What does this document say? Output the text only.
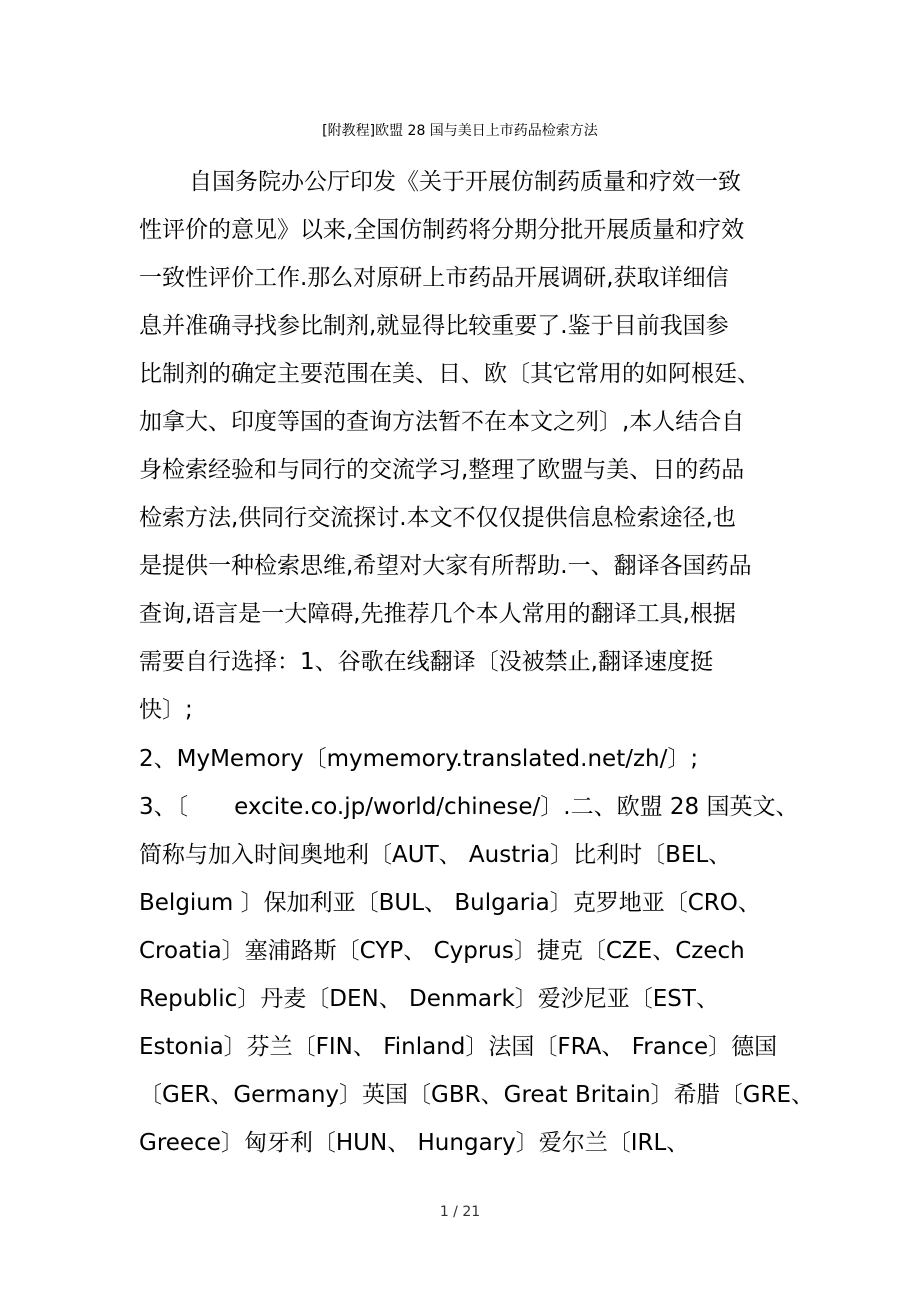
[附教程]欧盟 28 国与美日上市药品检索方法
自国务院办公厅印发《关于开展仿制药质量和疗效一致
性评价的意见》以来,全国仿制药将分期分批开展质量和疗效
一致性评价工作.那么对原研上市药品开展调研,获取详细信
息并准确寻找参比制剂,就显得比较重要了.鉴于目前我国参
比制剂的确定主要范围在美、日、欧〔其它常用的如阿根廷、
加拿大、印度等国的查询方法暂不在本文之列〕,本人结合自
身检索经验和与同行的交流学习,整理了欧盟与美、日的药品
检索方法,供同行交流探讨.本文不仅仅提供信息检索途径,也
是提供一种检索思维,希望对大家有所帮助.一、翻译各国药品
查询,语言是一大障碍,先推荐几个本人常用的翻译工具,根据
需要自行选择：1、谷歌在线翻译〔没被禁止,翻译速度挺
快〕;
2、MyMemory〔mymemory.translated.net/zh/〕;
3、〔　　excite.co.jp/world/chinese/〕.二、欧盟 28 国英文、
简称与加入时间奥地利〔AUT、 Austria〕比利时〔BEL、
Belgium 〕保加利亚〔BUL、 Bulgaria〕克罗地亚〔CRO、
Croatia〕塞浦路斯〔CYP、 Cyprus〕捷克〔CZE、Czech
Republic〕丹麦〔DEN、 Denmark〕爱沙尼亚〔EST、
Estonia〕芬兰〔FIN、 Finland〕法国〔FRA、 France〕德国
〔GER、Germany〕英国〔GBR、Great Britain〕希腊〔GRE、
Greece〕匈牙利〔HUN、 Hungary〕爱尔兰〔IRL、
1 / 21
